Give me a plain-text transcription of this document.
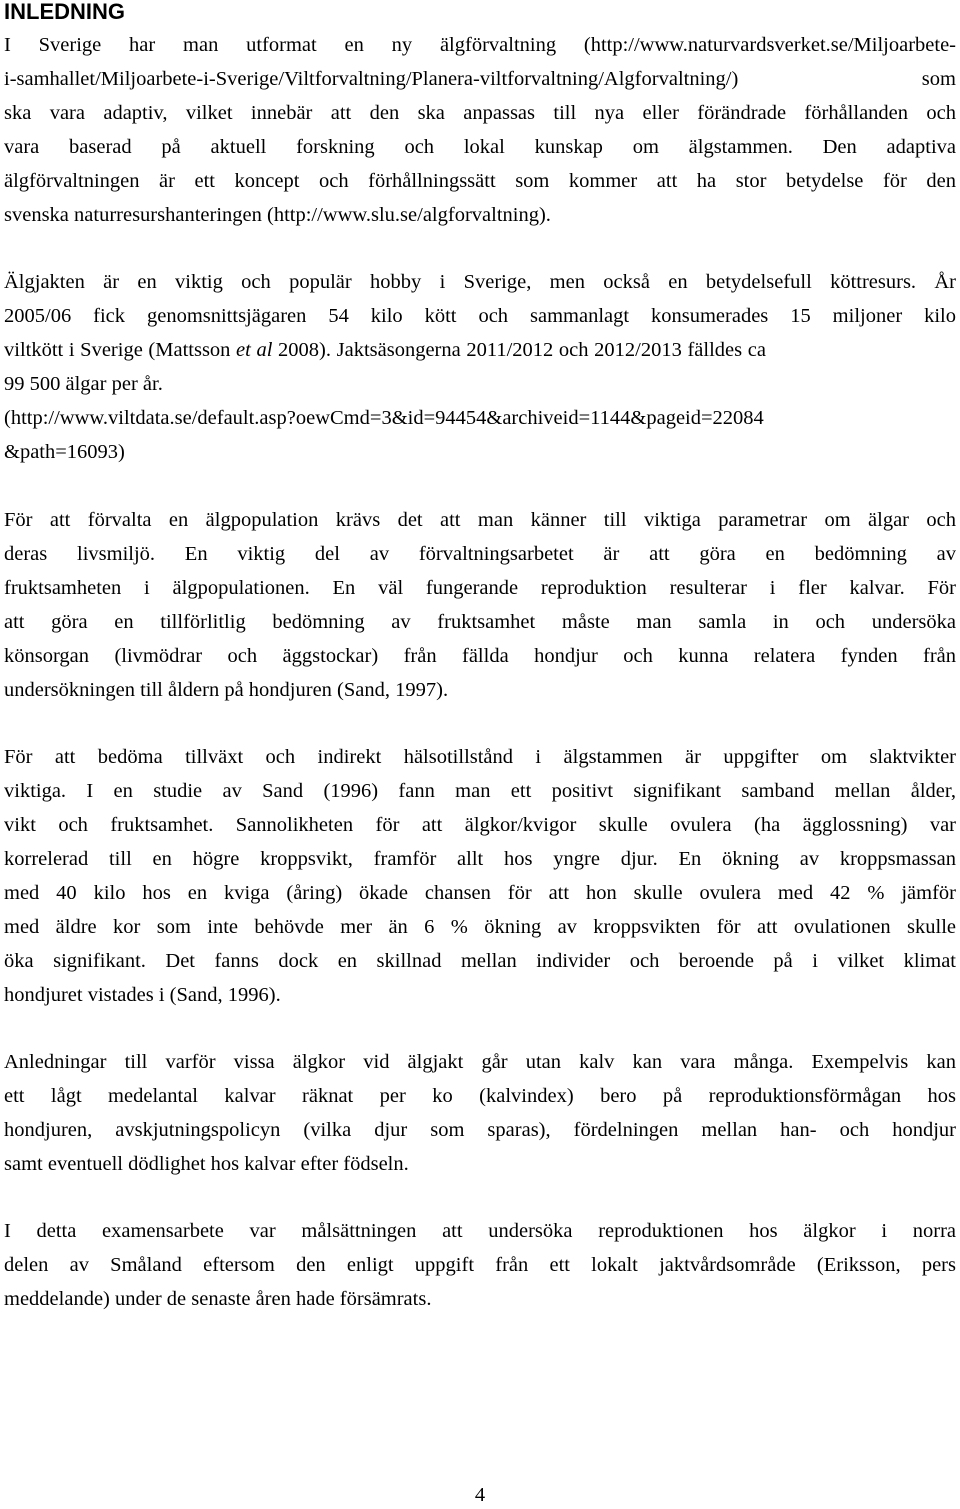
INLEDNING
I Sverige har man utformat en ny älgförvaltning (http://www.naturvardsverket.se/Miljoarbete-
i-samhallet/Miljoarbete-i-Sverige/Viltforvaltning/Planera-viltforvaltning/Algforvaltning/) som
ska vara adaptiv, vilket innebär att den ska anpassas till nya eller förändrade förhållanden och
vara baserad på aktuell forskning och lokal kunskap om älgstammen. Den adaptiva
älgförvaltningen är ett koncept och förhållningssätt som kommer att ha stor betydelse för den
svenska naturresurshanteringen (http://www.slu.se/algforvaltning).
Älgjakten är en viktig och populär hobby i Sverige, men också en betydelsefull köttresurs. År
2005/06 fick genomsnittsjägaren 54 kilo kött och sammanlagt konsumerades 15 miljoner kilo
viltkött i Sverige (Mattsson et al 2008). Jaktsäsongerna 2011/2012 och 2012/2013 fälldes ca
99 500 älgar per år.
(http://www.viltdata.se/default.asp?oewCmd=3&id=94454&archiveid=1144&pageid=22084
&path=16093)
För att förvalta en älgpopulation krävs det att man känner till viktiga parametrar om älgar och
deras livsmiljö. En viktig del av förvaltningsarbetet är att göra en bedömning av
fruktsamheten i älgpopulationen. En väl fungerande reproduktion resulterar i fler kalvar. För
att göra en tillförlitlig bedömning av fruktsamhet måste man samla in och undersöka
könsorgan (livmödrar och äggstockar) från fällda hondjur och kunna relatera fynden från
undersökningen till åldern på hondjuren (Sand, 1997).
För att bedöma tillväxt och indirekt hälsotillstånd i älgstammen är uppgifter om slaktvikter
viktiga. I en studie av Sand (1996) fann man ett positivt signifikant samband mellan ålder,
vikt och fruktsamhet. Sannolikheten för att älgkor/kvigor skulle ovulera (ha ägglossning) var
korrelerad till en högre kroppsvikt, framför allt hos yngre djur. En ökning av kroppsmassan
med 40 kilo hos en kviga (åring) ökade chansen för att hon skulle ovulera med 42 % jämför
med äldre kor som inte behövde mer än 6 % ökning av kroppsvikten för att ovulationen skulle
öka signifikant. Det fanns dock en skillnad mellan individer och beroende på i vilket klimat
hondjuret vistades i (Sand, 1996).
Anledningar till varför vissa älgkor vid älgjakt går utan kalv kan vara många. Exempelvis kan
ett lågt medelantal kalvar räknat per ko (kalvindex) bero på reproduktionsförmågan hos
hondjuren, avskjutningspolicyn (vilka djur som sparas), fördelningen mellan han- och hondjur
samt eventuell dödlighet hos kalvar efter födseln.
I detta examensarbete var målsättningen att undersöka reproduktionen hos älgkor i norra
delen av Småland eftersom den enligt uppgift från ett lokalt jaktvårdsområde (Eriksson, pers
meddelande) under de senaste åren hade försämrats.
4
